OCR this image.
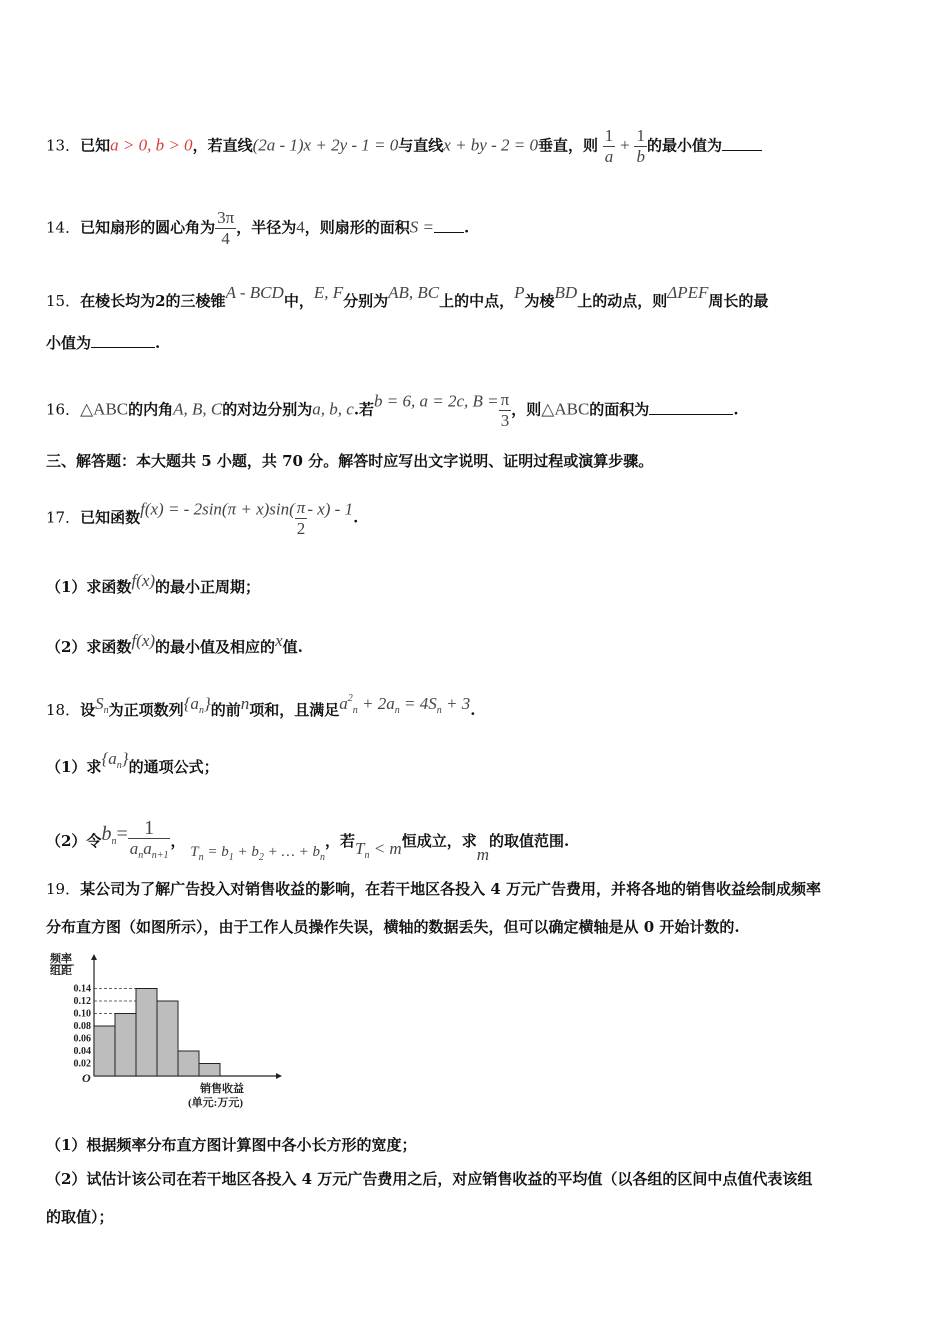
13．已知a > 0, b > 0，若直线(2a - 1)x + 2y - 1 = 0与直线x + by - 2 = 0垂直，则 $\frac{1}{a} + \frac{1}{b}$ 的最小值为
14．已知扇形的圆心角为 $\frac{3\pi}{4}$ ，半径为4，则扇形的面积S = .
15．在棱长均为2的三棱锥A - BCD中，E, F分别为AB, BC上的中点，P为棱BD上的动点，则ΔPEF周长的最
小值为	.
16．△ABC的内角A, B, C的对边分别为a, b, c.若b = 6, a = 2c, $B = \frac{\pi}{3}$ ，则△ABC的面积为	.
三、解答题：本大题共 5 小题，共 70 分。解答时应写出文字说明、证明过程或演算步骤。
17．已知函数f(x) = - $2\sin(\pi + x)\sin( \frac{\pi}{2} - x) - 1$.
（1）求函数f(x)的最小正周期；
（2）求函数f(x)的最小值及相应的x值.
18．设$S_n$为正项数列$\{a_n\}$的前n项和，且满足$a^2_n + 2a_n = 4S_n + 3$.
（1）求$\{a_n\}$的通项公式；
（2）令$b_n= \frac{1}{a_na_{n+1}}$ ， $T_n = b_1 + b_2$ + … + $b_n$，若$T_n < m$恒成立，求m的取值范围.
19．某公司为了解广告投入对销售收益的影响，在若干地区各投入 4 万元广告费用，并将各地的销售收益绘制成频率
分布直方图（如图所示），由于工作人员操作失误，横轴的数据丢失，但可以确定横轴是从 0 开始计数的.
频率
组距
O
0.14
0.12
0.10
0.08
0.06
0.04
0.02
销售收益
(单元:万元)
（1）根据频率分布直方图计算图中各小长方形的宽度；
（2）试估计该公司在若干地区各投入 4 万元广告费用之后，对应销售收益的平均值（以各组的区间中点值代表该组
的取值）；
